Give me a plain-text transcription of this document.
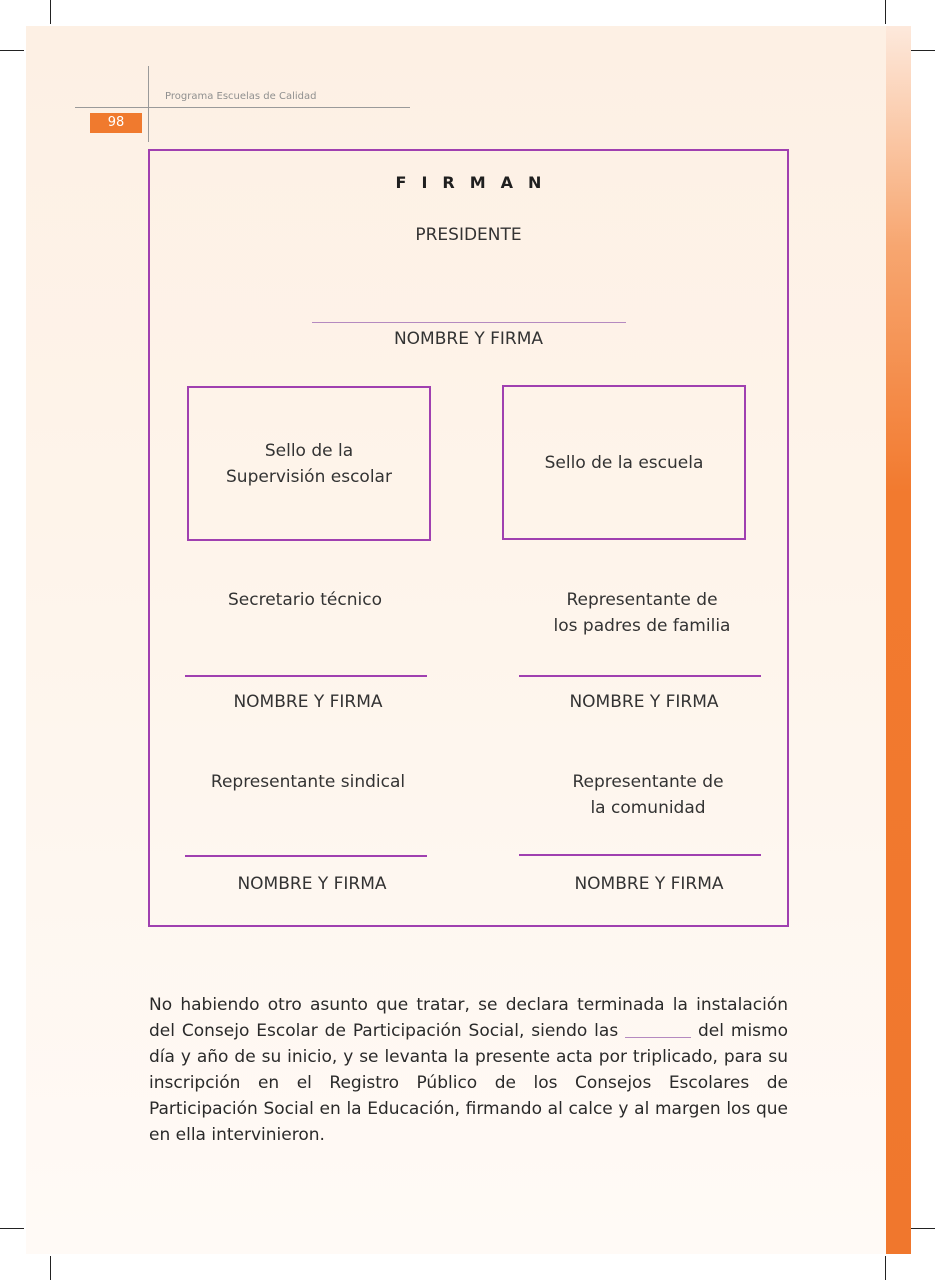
Programa Escuelas de Calidad
98
FIRMAN
PRESIDENTE
NOMBRE Y FIRMA
Sello de la Supervisión escolar
Sello de la escuela
Secretario técnico	Representante de los padres de familia
NOMBRE Y FIRMA	NOMBRE Y FIRMA
Representante sindical	Representante de la comunidad
NOMBRE Y FIRMA	NOMBRE Y FIRMA

No habiendo otro asunto que tratar, se declara terminada la instalación del Consejo Escolar de Participación Social, siendo las	del mismo día y año de su inicio, y se levanta la presente acta por triplicado, para su inscripción en el Registro Público de los Consejos Escolares de Participación Social en la Educación, firmando al calce y al margen los que en ella intervinieron.
